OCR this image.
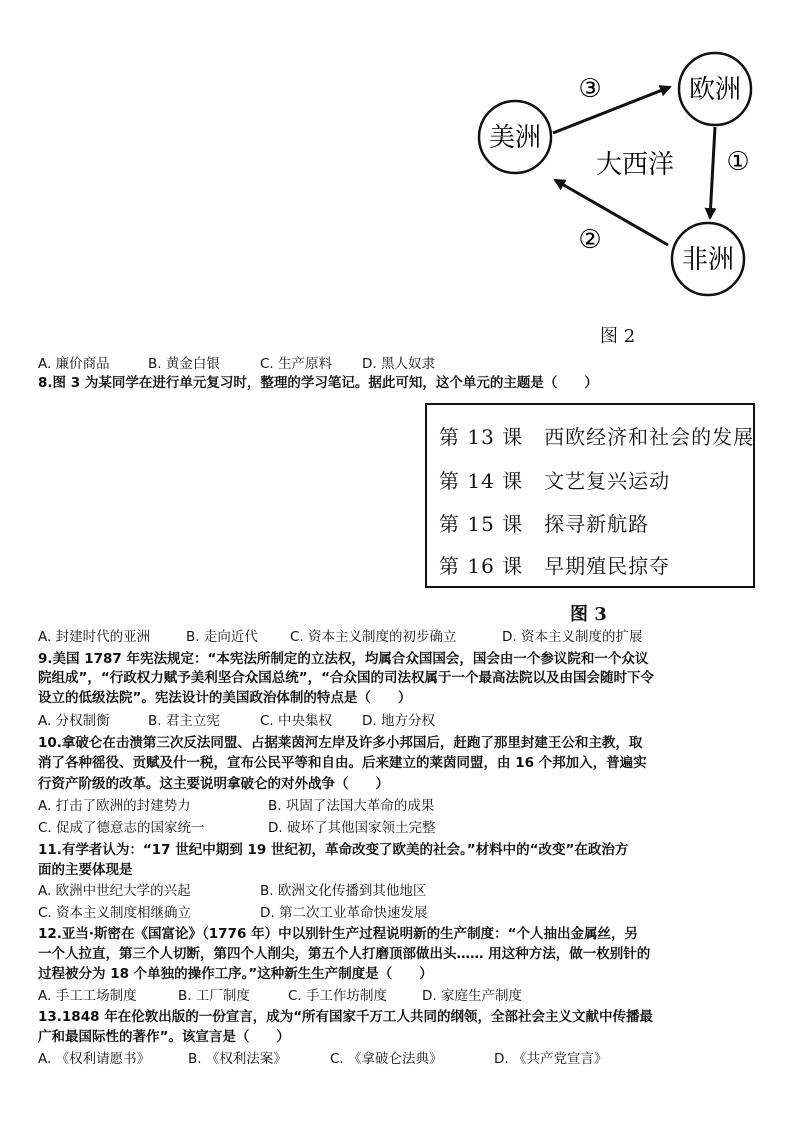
美洲
欧洲
非洲
大西洋
③
①
②
图 2
A. 廉价商品	B. 黄金白银	C. 生产原料 D. 黑人奴隶
8.图 3 为某同学在进行单元复习时，整理的学习笔记。据此可知，这个单元的主题是（　　）
第 13 课　西欧经济和社会的发展
第 14 课　文艺复兴运动
第 15 课　探寻新航路
第 16 课　早期殖民掠夺
图 3
A. 封建时代的亚洲	B. 走向近代 C. 资本主义制度的初步确立	D. 资本主义制度的扩展
9.美国 1787 年宪法规定：“本宪法所制定的立法权，均属合众国国会，国会由一个参议院和一个众议
院组成”，“行政权力赋予美利坚合众国总统”，“合众国的司法权属于一个最高法院以及由国会随时下令
设立的低级法院”。宪法设计的美国政治体制的特点是（　　）
A. 分权制衡	B. 君主立宪	C. 中央集权 D. 地方分权
10.拿破仑在击溃第三次反法同盟、占据莱茵河左岸及许多小邦国后，赶跑了那里封建王公和主教，取
消了各种徭役、贡赋及什一税，宣布公民平等和自由。后来建立的莱茵同盟，由 16 个邦加入，普遍实
行资产阶级的改革。这主要说明拿破仑的对外战争（　　）
A. 打击了欧洲的封建势力	B. 巩固了法国大革命的成果
C. 促成了德意志的国家统一	D. 破坏了其他国家领土完整
11.有学者认为：“17 世纪中期到 19 世纪初，革命改变了欧美的社会。”材料中的“改变”在政治方
面的主要体现是
A. 欧洲中世纪大学的兴起	B. 欧洲文化传播到其他地区
C. 资本主义制度相继确立	D. 第二次工业革命快速发展
12.亚当·斯密在《国富论》（1776 年）中以别针生产过程说明新的生产制度：“个人抽出金属丝，另
一个人拉直，第三个人切断，第四个人削尖，第五个人打磨顶部做出头…… 用这种方法，做一枚别针的
过程被分为 18 个单独的操作工序。”这种新生生产制度是（　　）
A. 手工工场制度	B. 工厂制度	C. 手工作坊制度	D. 家庭生产制度
13.1848 年在伦敦出版的一份宣言，成为“所有国家千万工人共同的纲领，全部社会主义文献中传播最
广和最国际性的著作”。该宣言是（　　）
A. 《权利请愿书》	B. 《权利法案》	C. 《拿破仑法典》	D. 《共产党宣言》
